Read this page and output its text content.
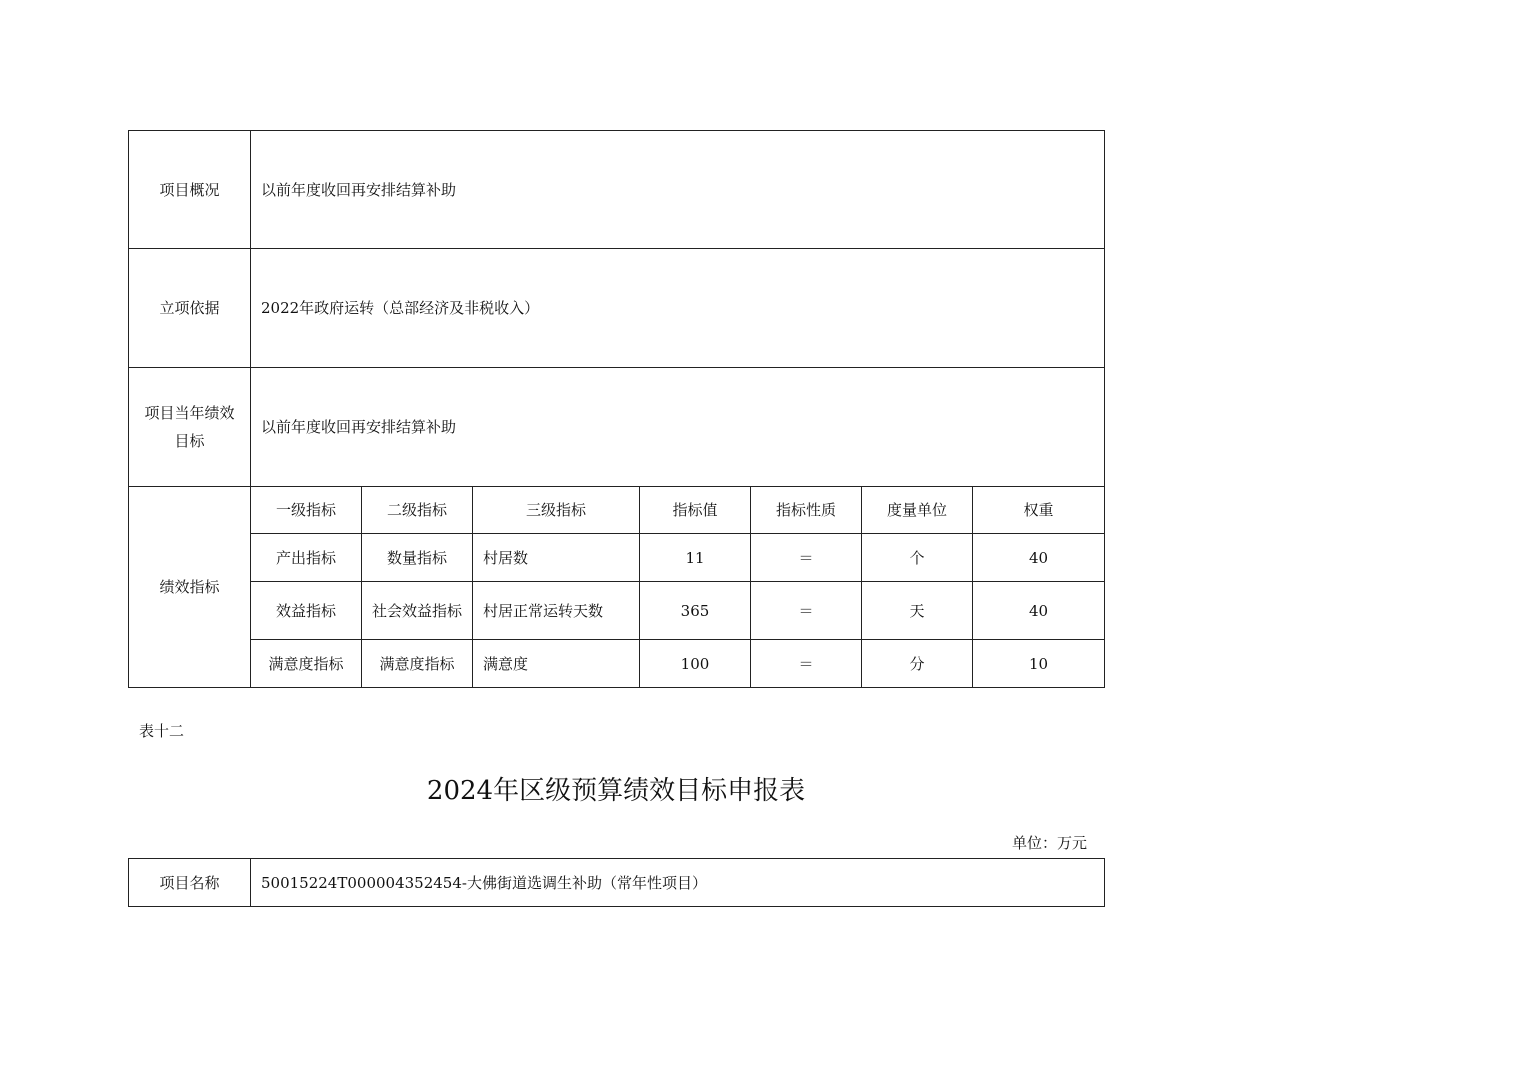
项目概况	以前年度收回再安排结算补助						
立项依据	2022年政府运转（总部经济及非税收入）						
项目当年绩效目标	以前年度收回再安排结算补助						
绩效指标	一级指标	二级指标	三级指标	指标值	指标性质	度量单位	权重
	产出指标	数量指标	村居数	11	＝	个	40
	效益指标	社会效益指标	村居正常运转天数	365	＝	天	40
	满意度指标	满意度指标	满意度	100	＝	分	10
表十二
2024年区级预算绩效目标申报表
单位：万元
项目名称	50015224T000004352454-大佛街道选调生补助（常年性项目）
